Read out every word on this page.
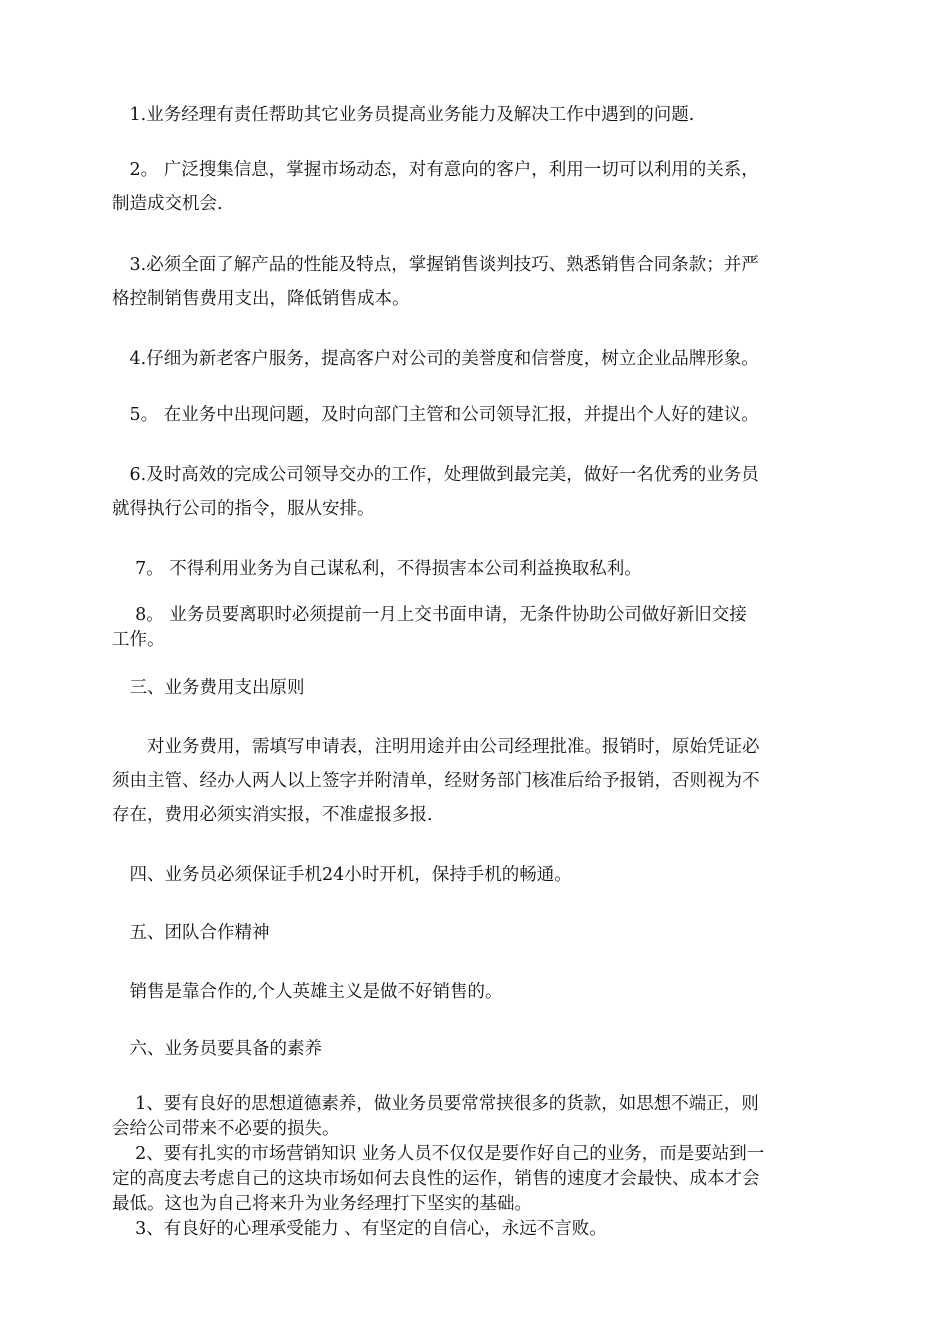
　1.业务经理有责任帮助其它业务员提高业务能力及解决工作中遇到的问题.

　2。 广泛搜集信息，掌握市场动态，对有意向的客户，利用一切可以利用的关系，
制造成交机会.

　3.必须全面了解产品的性能及特点，掌握销售谈判技巧、熟悉销售合同条款；并严
格控制销售费用支出，降低销售成本。

　4.仔细为新老客户服务，提高客户对公司的美誉度和信誉度，树立企业品牌形象。

　5。 在业务中出现问题，及时向部门主管和公司领导汇报，并提出个人好的建议。

　6.及时高效的完成公司领导交办的工作，处理做到最完美，做好一名优秀的业务员
就得执行公司的指令，服从安排。

　 7。 不得利用业务为自己谋私利，不得损害本公司利益换取私利。

　 8。 业务员要离职时必须提前一月上交书面申请，无条件协助公司做好新旧交接
工作。

　三、业务费用支出原则

　　对业务费用，需填写申请表，注明用途并由公司经理批准。报销时，原始凭证必
须由主管、经办人两人以上签字并附清单，经财务部门核准后给予报销，否则视为不
存在，费用必须实消实报，不准虚报多报.

　四、业务员必须保证手机24小时开机，保持手机的畅通。

　五、团队合作精神

　销售是靠合作的,个人英雄主义是做不好销售的。

　六、业务员要具备的素养

　 1、要有良好的思想道德素养，做业务员要常常挟很多的货款，如思想不端正，则
会给公司带来不必要的损失。
　 2、要有扎实的市场营销知识 业务人员不仅仅是要作好自己的业务，而是要站到一
定的高度去考虑自己的这块市场如何去良性的运作，销售的速度才会最快、成本才会
最低。这也为自己将来升为业务经理打下坚实的基础。
　 3、有良好的心理承受能力 、有坚定的自信心，永远不言败。
